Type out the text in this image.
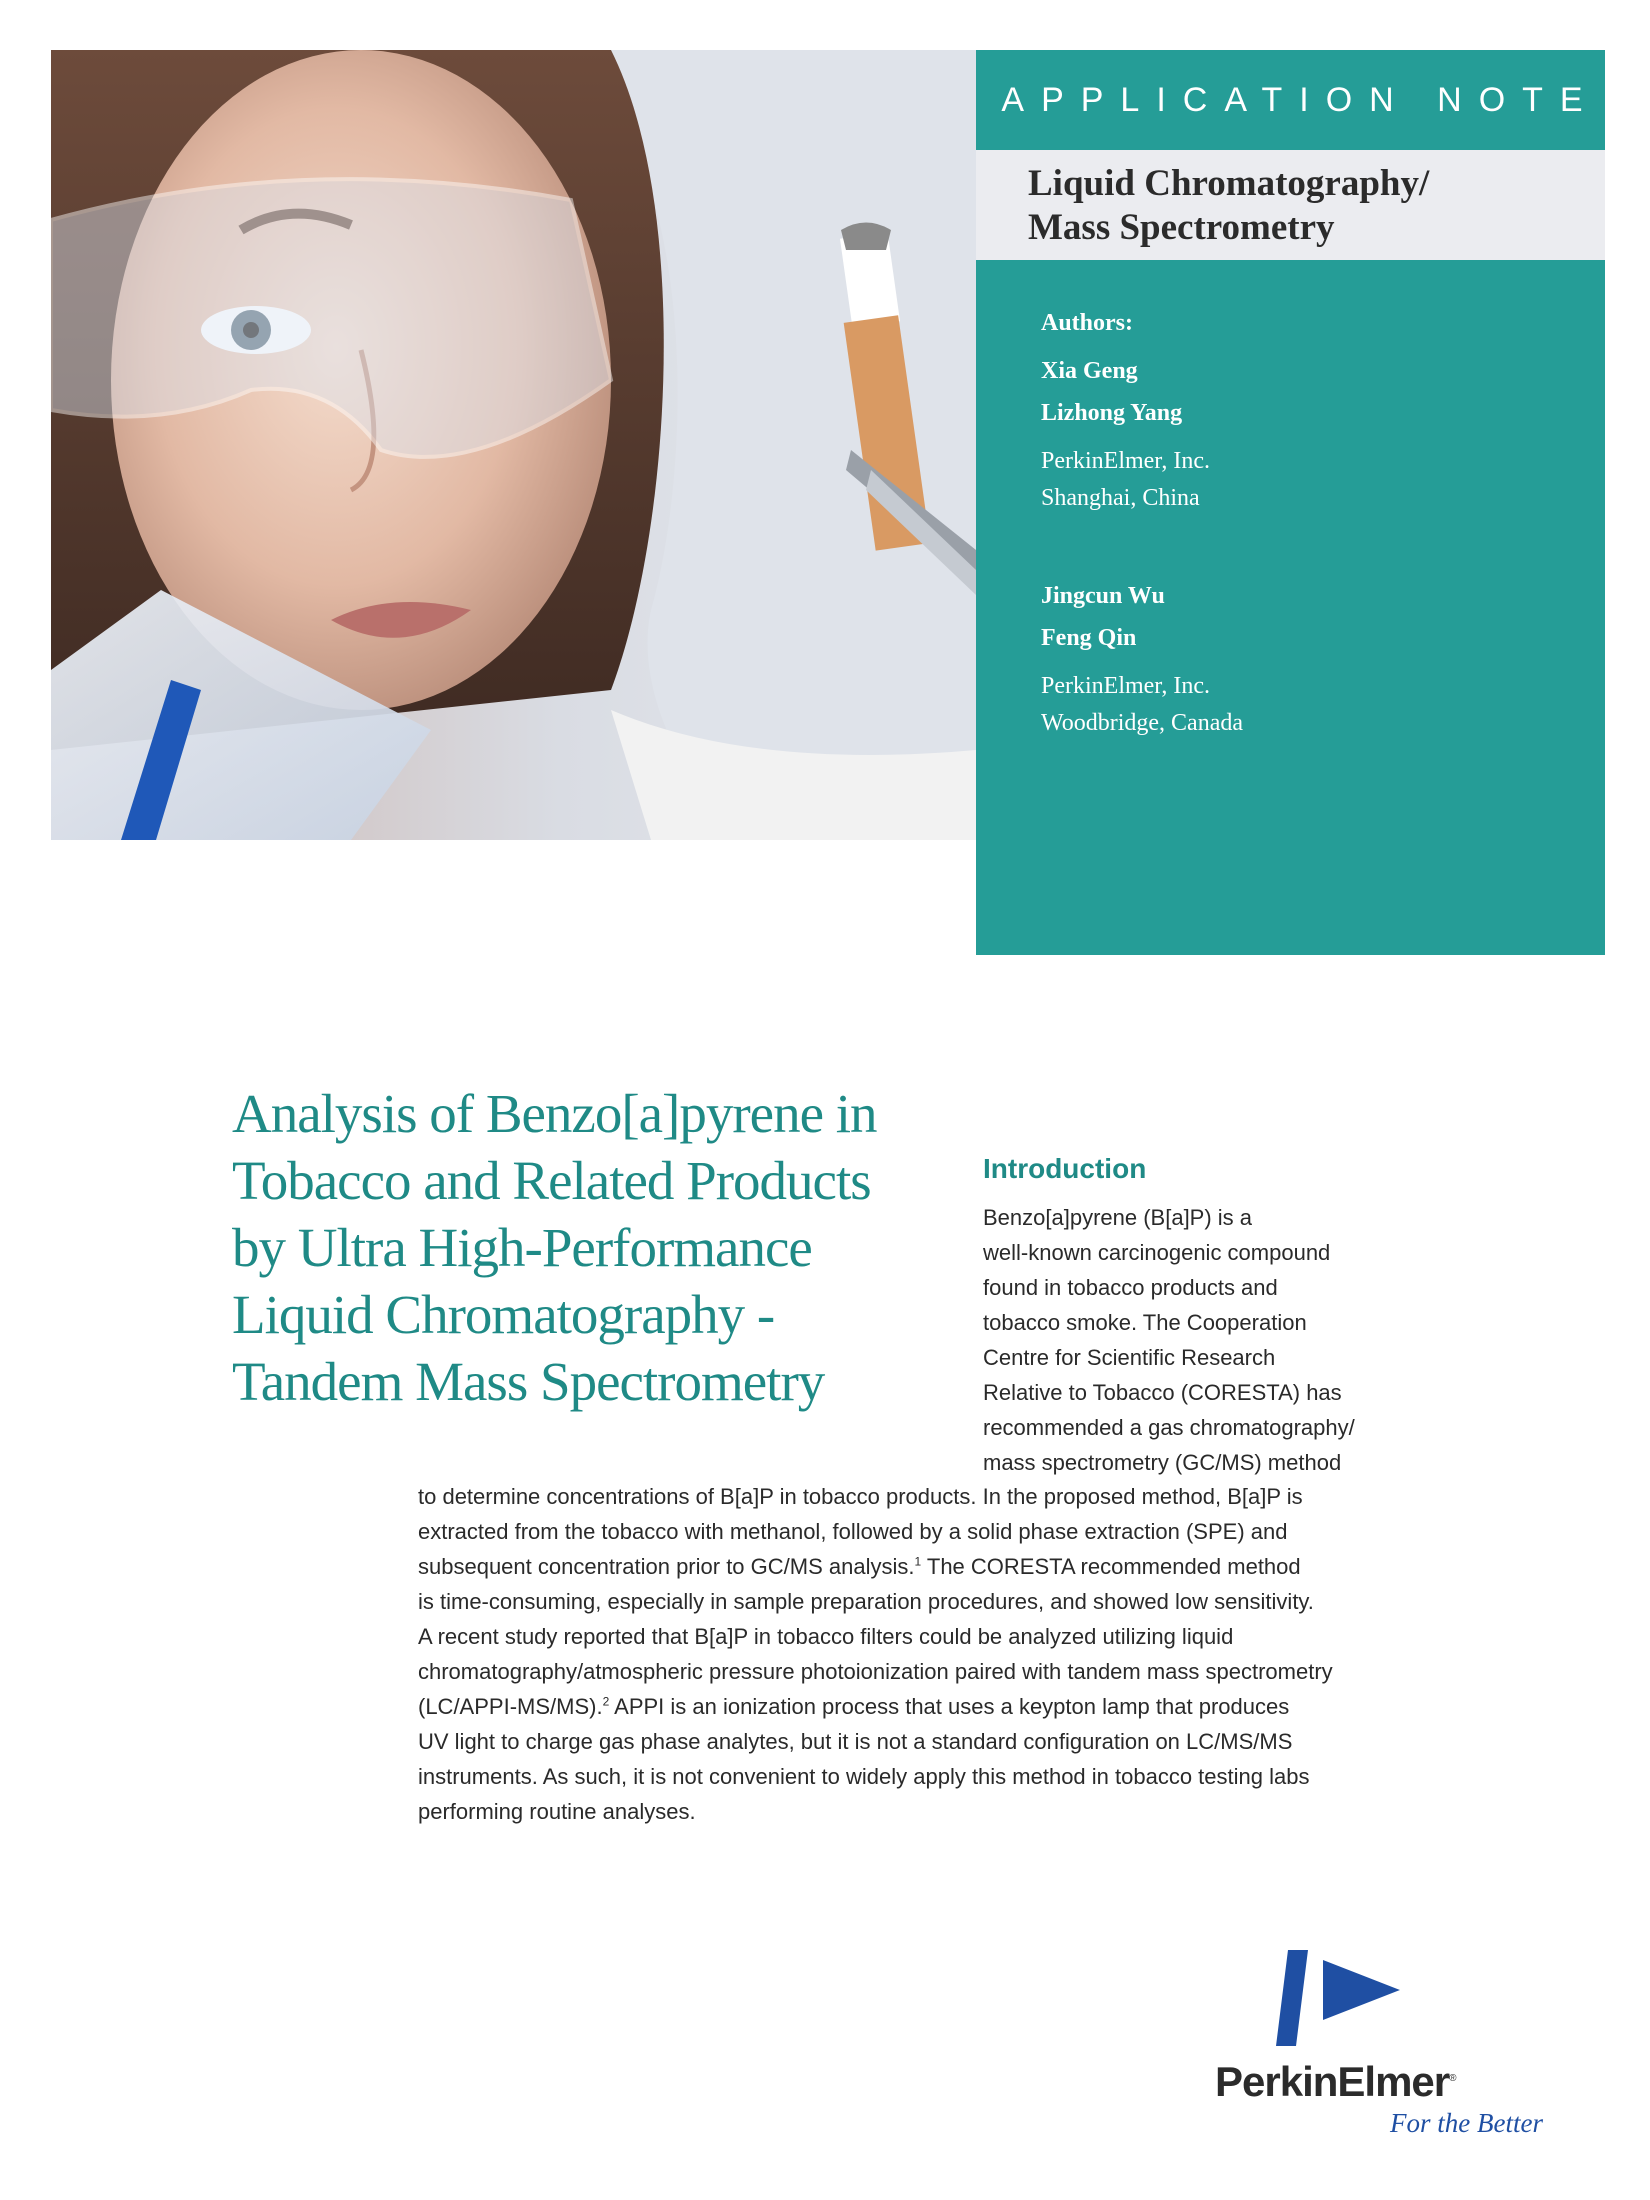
APPLICATION NOTE
Liquid Chromatography/
Mass Spectrometry
Authors:
Xia Geng
Lizhong Yang
PerkinElmer, Inc.
Shanghai, China
Jingcun Wu
Feng Qin
PerkinElmer, Inc.
Woodbridge, Canada
Analysis of Benzo[a]pyrene in
Tobacco and Related Products
by Ultra High-Performance
Liquid Chromatography -
Tandem Mass Spectrometry
Introduction
Benzo[a]pyrene (B[a]P) is a
well-known carcinogenic compound
found in tobacco products and
tobacco smoke. The Cooperation
Centre for Scientific Research
Relative to Tobacco (CORESTA) has
recommended a gas chromatography/
mass spectrometry (GC/MS) method
to determine concentrations of B[a]P in tobacco products. In the proposed method, B[a]P is
extracted from the tobacco with methanol, followed by a solid phase extraction (SPE) and
subsequent concentration prior to GC/MS analysis.$^1$ The CORESTA recommended method
is time-consuming, especially in sample preparation procedures, and showed low sensitivity.
A recent study reported that B[a]P in tobacco filters could be analyzed utilizing liquid
chromatography/atmospheric pressure photoionization paired with tandem mass spectrometry
(LC/APPI-MS/MS).$^2$ APPI is an ionization process that uses a keypton lamp that produces
UV light to charge gas phase analytes, but it is not a standard configuration on LC/MS/MS
instruments. As such, it is not convenient to widely apply this method in tobacco testing labs
performing routine analyses.
PerkinElmer®
For the Better
